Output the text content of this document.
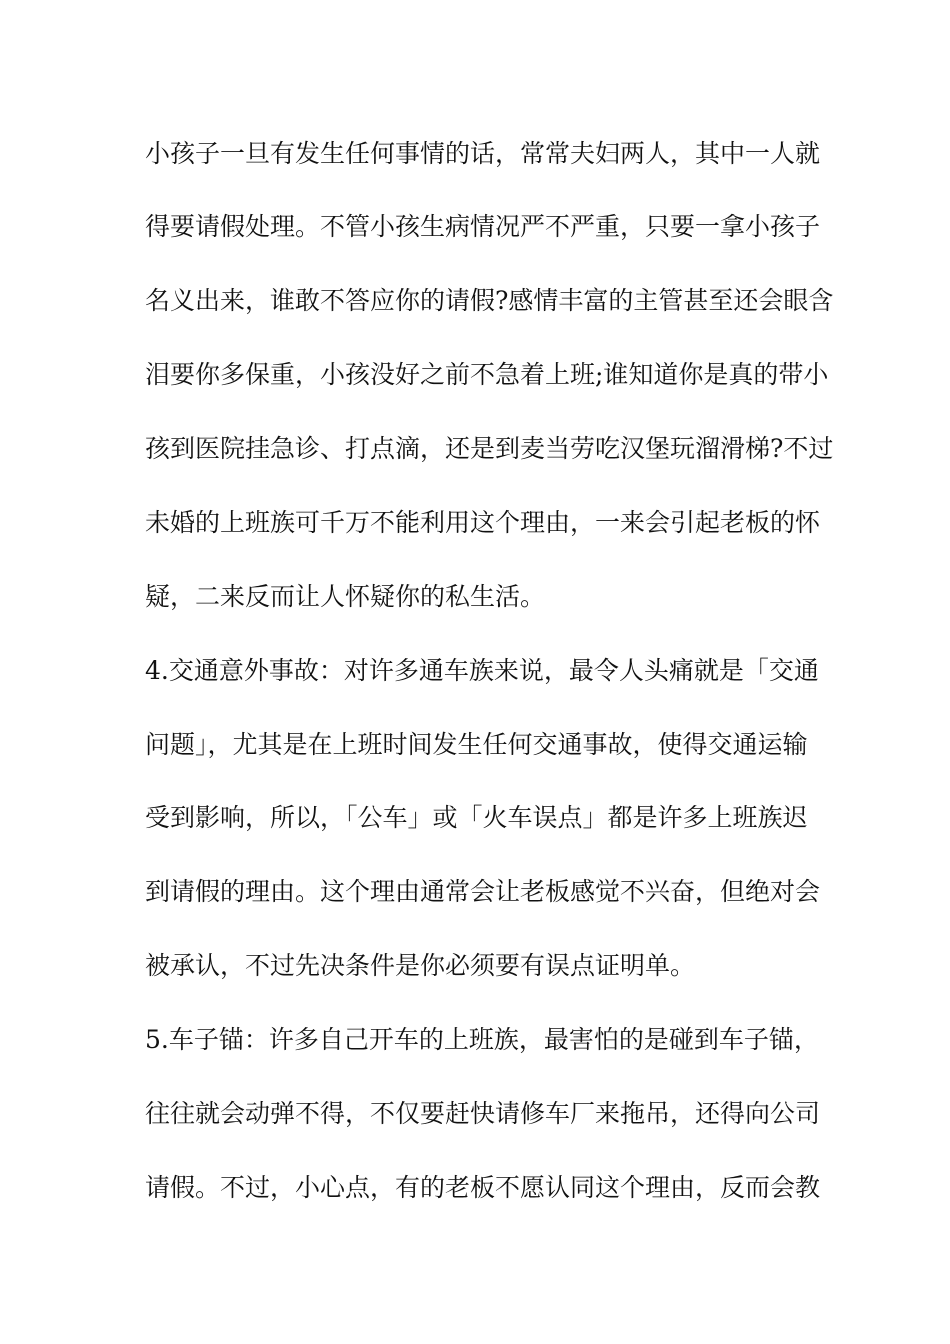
小孩子一旦有发生任何事情的话，常常夫妇两人，其中一人就
得要请假处理。不管小孩生病情况严不严重，只要一拿小孩子
名义出来，谁敢不答应你的请假?感情丰富的主管甚至还会眼含
泪要你多保重，小孩没好之前不急着上班;谁知道你是真的带小
孩到医院挂急诊、打点滴，还是到麦当劳吃汉堡玩溜滑梯?不过
未婚的上班族可千万不能利用这个理由，一来会引起老板的怀
疑，二来反而让人怀疑你的私生活。
4.交通意外事故：对许多通车族来说，最令人头痛就是「交通
问题」，尤其是在上班时间发生任何交通事故，使得交通运输
受到影响，所以，「公车」或「火车误点」都是许多上班族迟
到请假的理由。这个理由通常会让老板感觉不兴奋，但绝对会
被承认，不过先决条件是你必须要有误点证明单。
5.车子锚：许多自己开车的上班族，最害怕的是碰到车子锚，
往往就会动弹不得，不仅要赶快请修车厂来拖吊，还得向公司
请假。不过，小心点，有的老板不愿认同这个理由，反而会教
